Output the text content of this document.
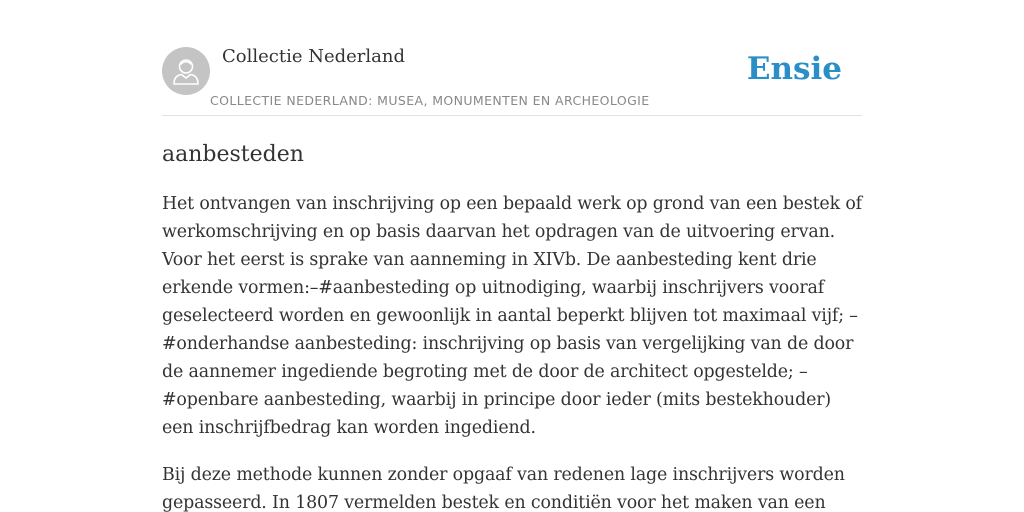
Collectie Nederland
COLLECTIE NEDERLAND: MUSEA, MONUMENTEN EN ARCHEOLOGIE
Ensie
aanbesteden

Het ontvangen van inschrijving op een bepaald werk op grond van een bestek of werkomschrijving en op basis daarvan het opdragen van de uitvoering ervan. Voor het eerst is sprake van aanneming in XIVb. De aanbesteding kent drie erkende vormen:–#aanbesteding op uitnodiging, waarbij inschrijvers vooraf geselecteerd worden en gewoonlijk in aantal beperkt blijven tot maximaal vijf; –#onderhandse aanbesteding: inschrijving op basis van vergelijking van de door de aannemer ingediende begroting met de door de architect opgestelde; –#openbare aanbesteding, waarbij in principe door ieder (mits bestekhouder) een inschrijfbedrag kan worden ingediend.

Bij deze methode kunnen zonder opgaaf van redenen lage inschrijvers worden gepasseerd. In 1807 vermelden bestek en conditiën voor het maken van een
